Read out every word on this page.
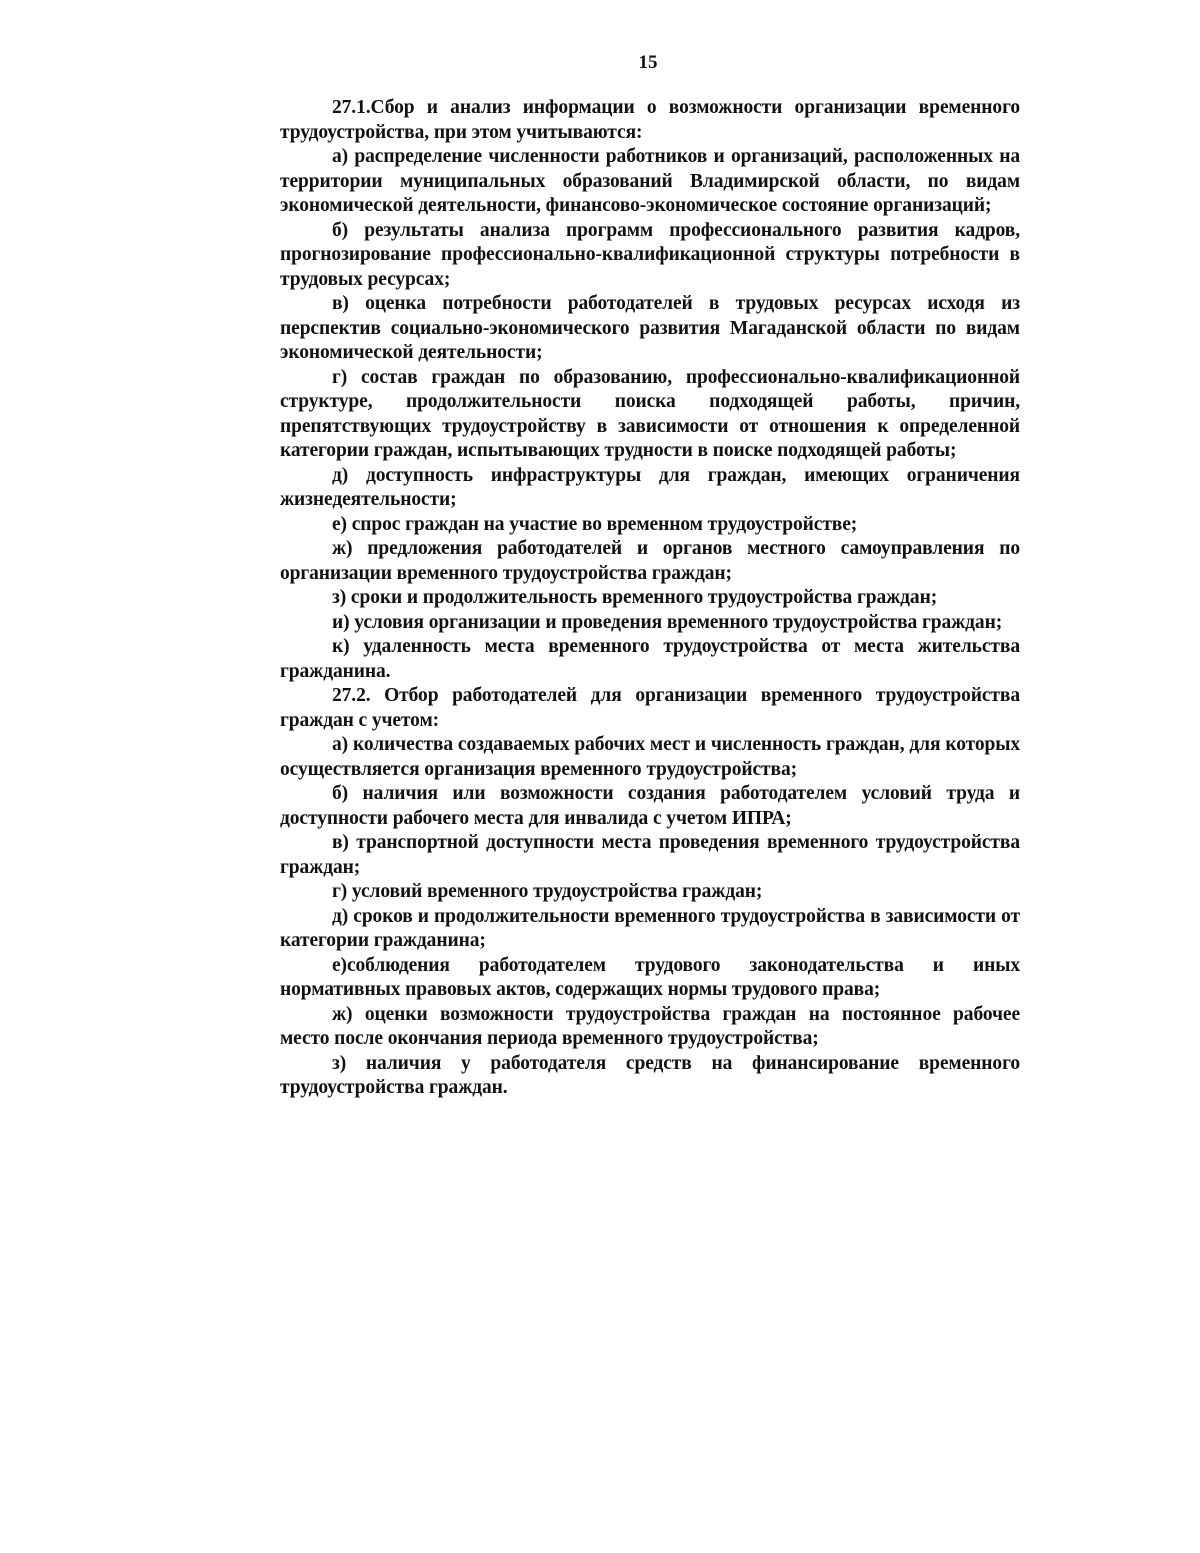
15

27.1.Сбор и анализ информации о возможности организации временного трудоустройства, при этом учитываются:

а) распределение численности работников и организаций, расположенных на территории муниципальных образований Владимирской области, по видам экономической деятельности, финансово-экономическое состояние организаций;

б) результаты анализа программ профессионального развития кадров, прогнозирование профессионально-квалификационной структуры потребности в трудовых ресурсах;

в) оценка потребности работодателей в трудовых ресурсах исходя из перспектив социально-экономического развития Магаданской области по видам экономической деятельности;

г) состав граждан по образованию, профессионально-квалификационной структуре, продолжительности поиска подходящей работы, причин, препятствующих трудоустройству в зависимости от отношения к определенной категории граждан, испытывающих трудности в поиске подходящей работы;

д) доступность инфраструктуры для граждан, имеющих ограничения жизнедеятельности;

е) спрос граждан на участие во временном трудоустройстве;

ж) предложения работодателей и органов местного самоуправления по организации временного трудоустройства граждан;

з) сроки и продолжительность временного трудоустройства граждан;

и) условия организации и проведения временного трудоустройства граждан;

к) удаленность места временного трудоустройства от места жительства гражданина.

27.2. Отбор работодателей для организации временного трудоустройства граждан с учетом:

а) количества создаваемых рабочих мест и численность граждан, для которых осуществляется организация временного трудоустройства;

б) наличия или возможности создания работодателем условий труда и доступности рабочего места для инвалида с учетом ИПРА;

в) транспортной доступности места проведения временного трудоустройства граждан;

г) условий временного трудоустройства граждан;

д) сроков и продолжительности временного трудоустройства в зависимости от категории гражданина;

е)соблюдения работодателем трудового законодательства и иных нормативных правовых актов, содержащих нормы трудового права;

ж) оценки возможности трудоустройства граждан на постоянное рабочее место после окончания периода временного трудоустройства;

з) наличия у работодателя средств на финансирование временного трудоустройства граждан.
